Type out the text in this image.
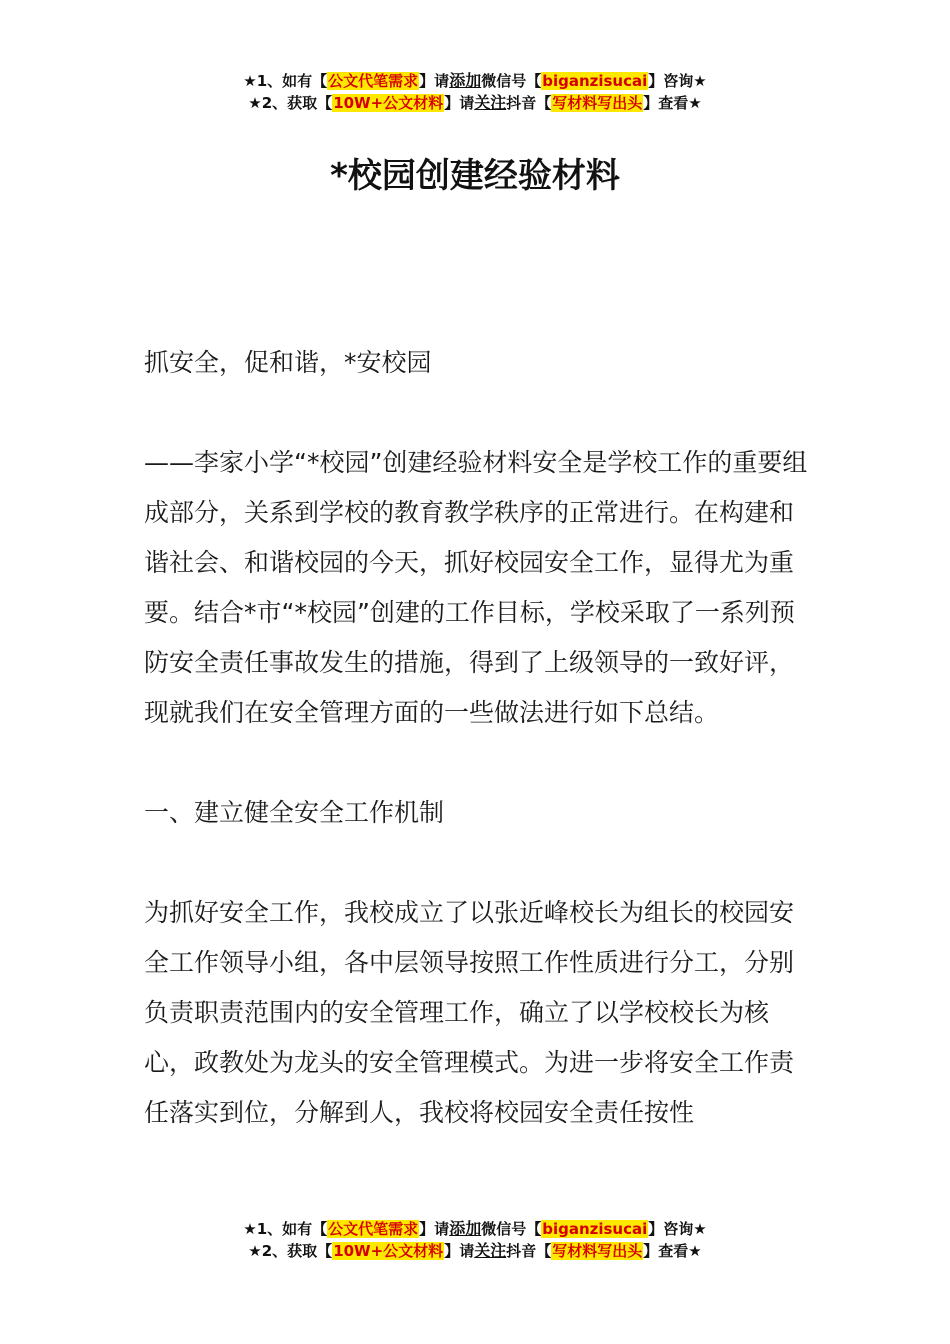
★1、如有【公文代笔需求】请添加微信号【biganzisucai】咨询★
★2、获取【10W+公文材料】请关注抖音【写材料写出头】查看★
*校园创建经验材料

抓安全，促和谐，*安校园

——李家小学“*校园”创建经验材料安全是学校工作的重要组成部分，关系到学校的教育教学秩序的正常进行。在构建和谐社会、和谐校园的今天，抓好校园安全工作，显得尤为重要。结合*市“*校园”创建的工作目标，学校采取了一系列预防安全责任事故发生的措施，得到了上级领导的一致好评，现就我们在安全管理方面的一些做法进行如下总结。

一、建立健全安全工作机制

为抓好安全工作，我校成立了以张近峰校长为组长的校园安全工作领导小组，各中层领导按照工作性质进行分工，分别负责职责范围内的安全管理工作，确立了以学校校长为核心，政教处为龙头的安全管理模式。为进一步将安全工作责任落实到位，分解到人，我校将校园安全责任按性

★1、如有【公文代笔需求】请添加微信号【biganzisucai】咨询★
★2、获取【10W+公文材料】请关注抖音【写材料写出头】查看★
